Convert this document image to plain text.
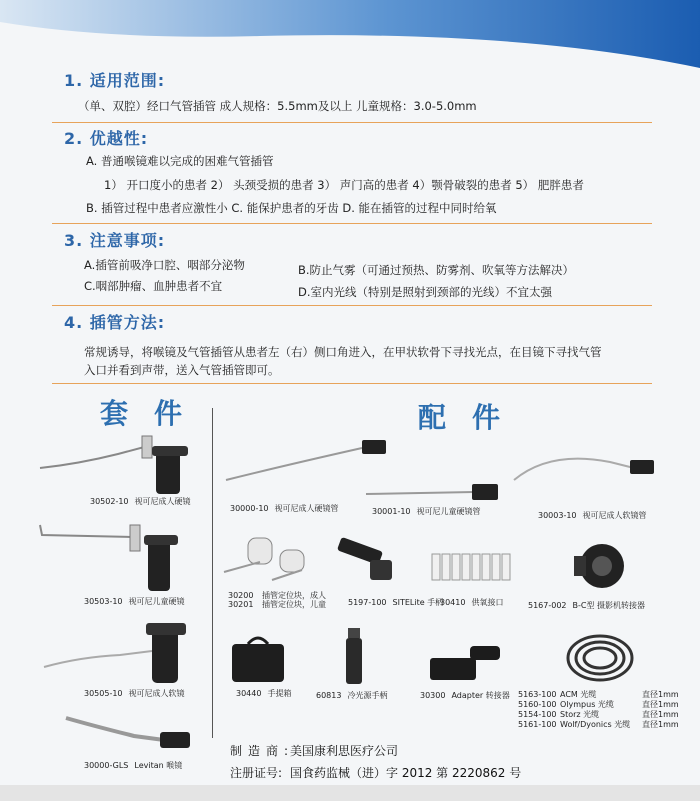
1. 适用范围:
（单、双腔）经口气管插管 成人规格：5.5mm及以上 儿童规格：3.0-5.0mm
2. 优越性:
A. 普通喉镜难以完成的困难气管插管
1） 开口度小的患者 2） 头颈受损的患者 3） 声门高的患者 4）颚骨破裂的患者 5） 肥胖患者
B. 插管过程中患者应激性小 C. 能保护患者的牙齿 D. 能在插管的过程中同时给氧
3. 注意事项:
A.插管前吸净口腔、咽部分泌物	B.防止气雾（可通过预热、防雾剂、吹氧等方法解决）
C.咽部肿瘤、血肿患者不宜	D.室内光线（特别是照射到颈部的光线）不宜太强
4. 插管方法:
常规诱导，将喉镜及气管插管从患者左（右）侧口角进入，在甲状软骨下寻找光点，在目镜下寻找气管
入口并看到声带，送入气管插管即可。
套件	配件
30502-10 视可尼成人硬镜
30503-10 视可尼儿童硬镜
30505-10 视可尼成人软镜
30000-GLS Levitan 喉镜
30000-10 视可尼成人硬镜管	30001-10 视可尼儿童硬镜管	30003-10 视可尼成人软镜管
30200
30201 插管定位块，成人
插管定位块，儿童	5197-100 SITELite 手柄
30410 供氧接口	5167-002 B-C型 摄影机转接器
30440 手提箱	60813 冷光源手柄	30300 Adapter 转接器	5163-100 ACM 光缆	直径1mm
5160-100 Olympus 光缆	直径1mm
5154-100 Storz 光缆	直径1mm
5161-100 Wolf/Dyonics 光缆 直径1mm
制造商:美国康利思医疗公司
注册证号: 国食药监械（进）字 2012 第 2220862 号
